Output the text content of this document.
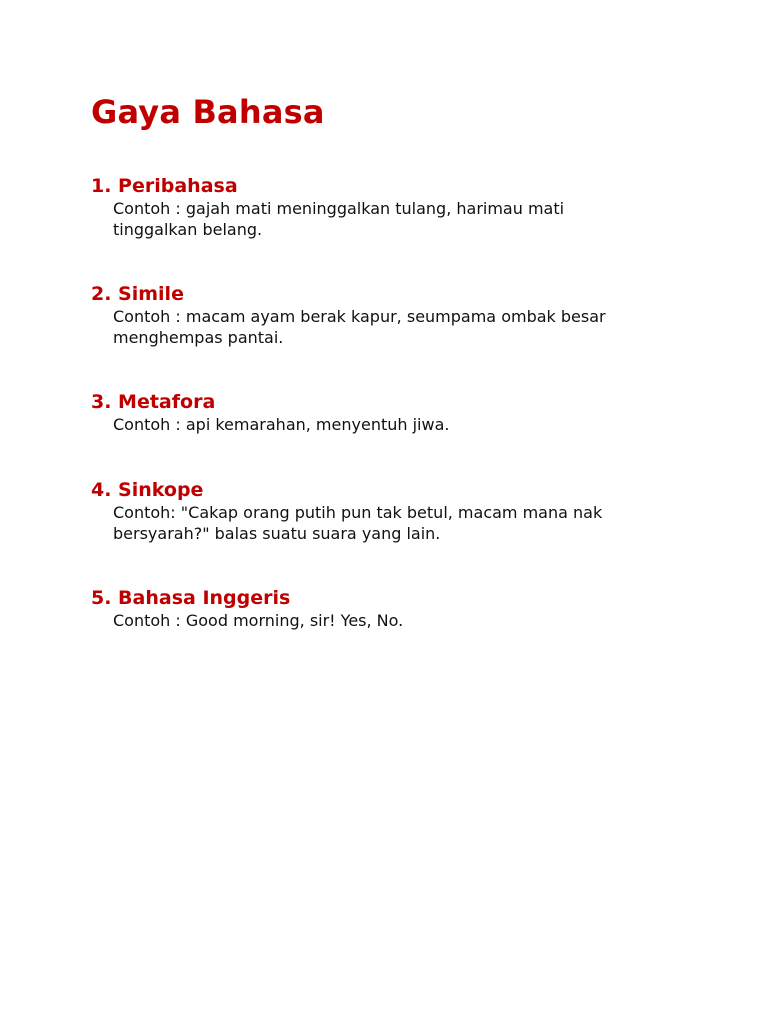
Gaya Bahasa
1. Peribahasa

Contoh : gajah mati meninggalkan tulang, harimau mati

tinggalkan belang.

2. Simile

Contoh : macam ayam berak kapur, seumpama ombak besar

menghempas pantai.

3. Metafora

Contoh : api kemarahan, menyentuh jiwa.

4. Sinkope

Contoh: "Cakap orang putih pun tak betul, macam mana nak

bersyarah?" balas suatu suara yang lain.

5. Bahasa Inggeris

Contoh : Good morning, sir! Yes, No.
